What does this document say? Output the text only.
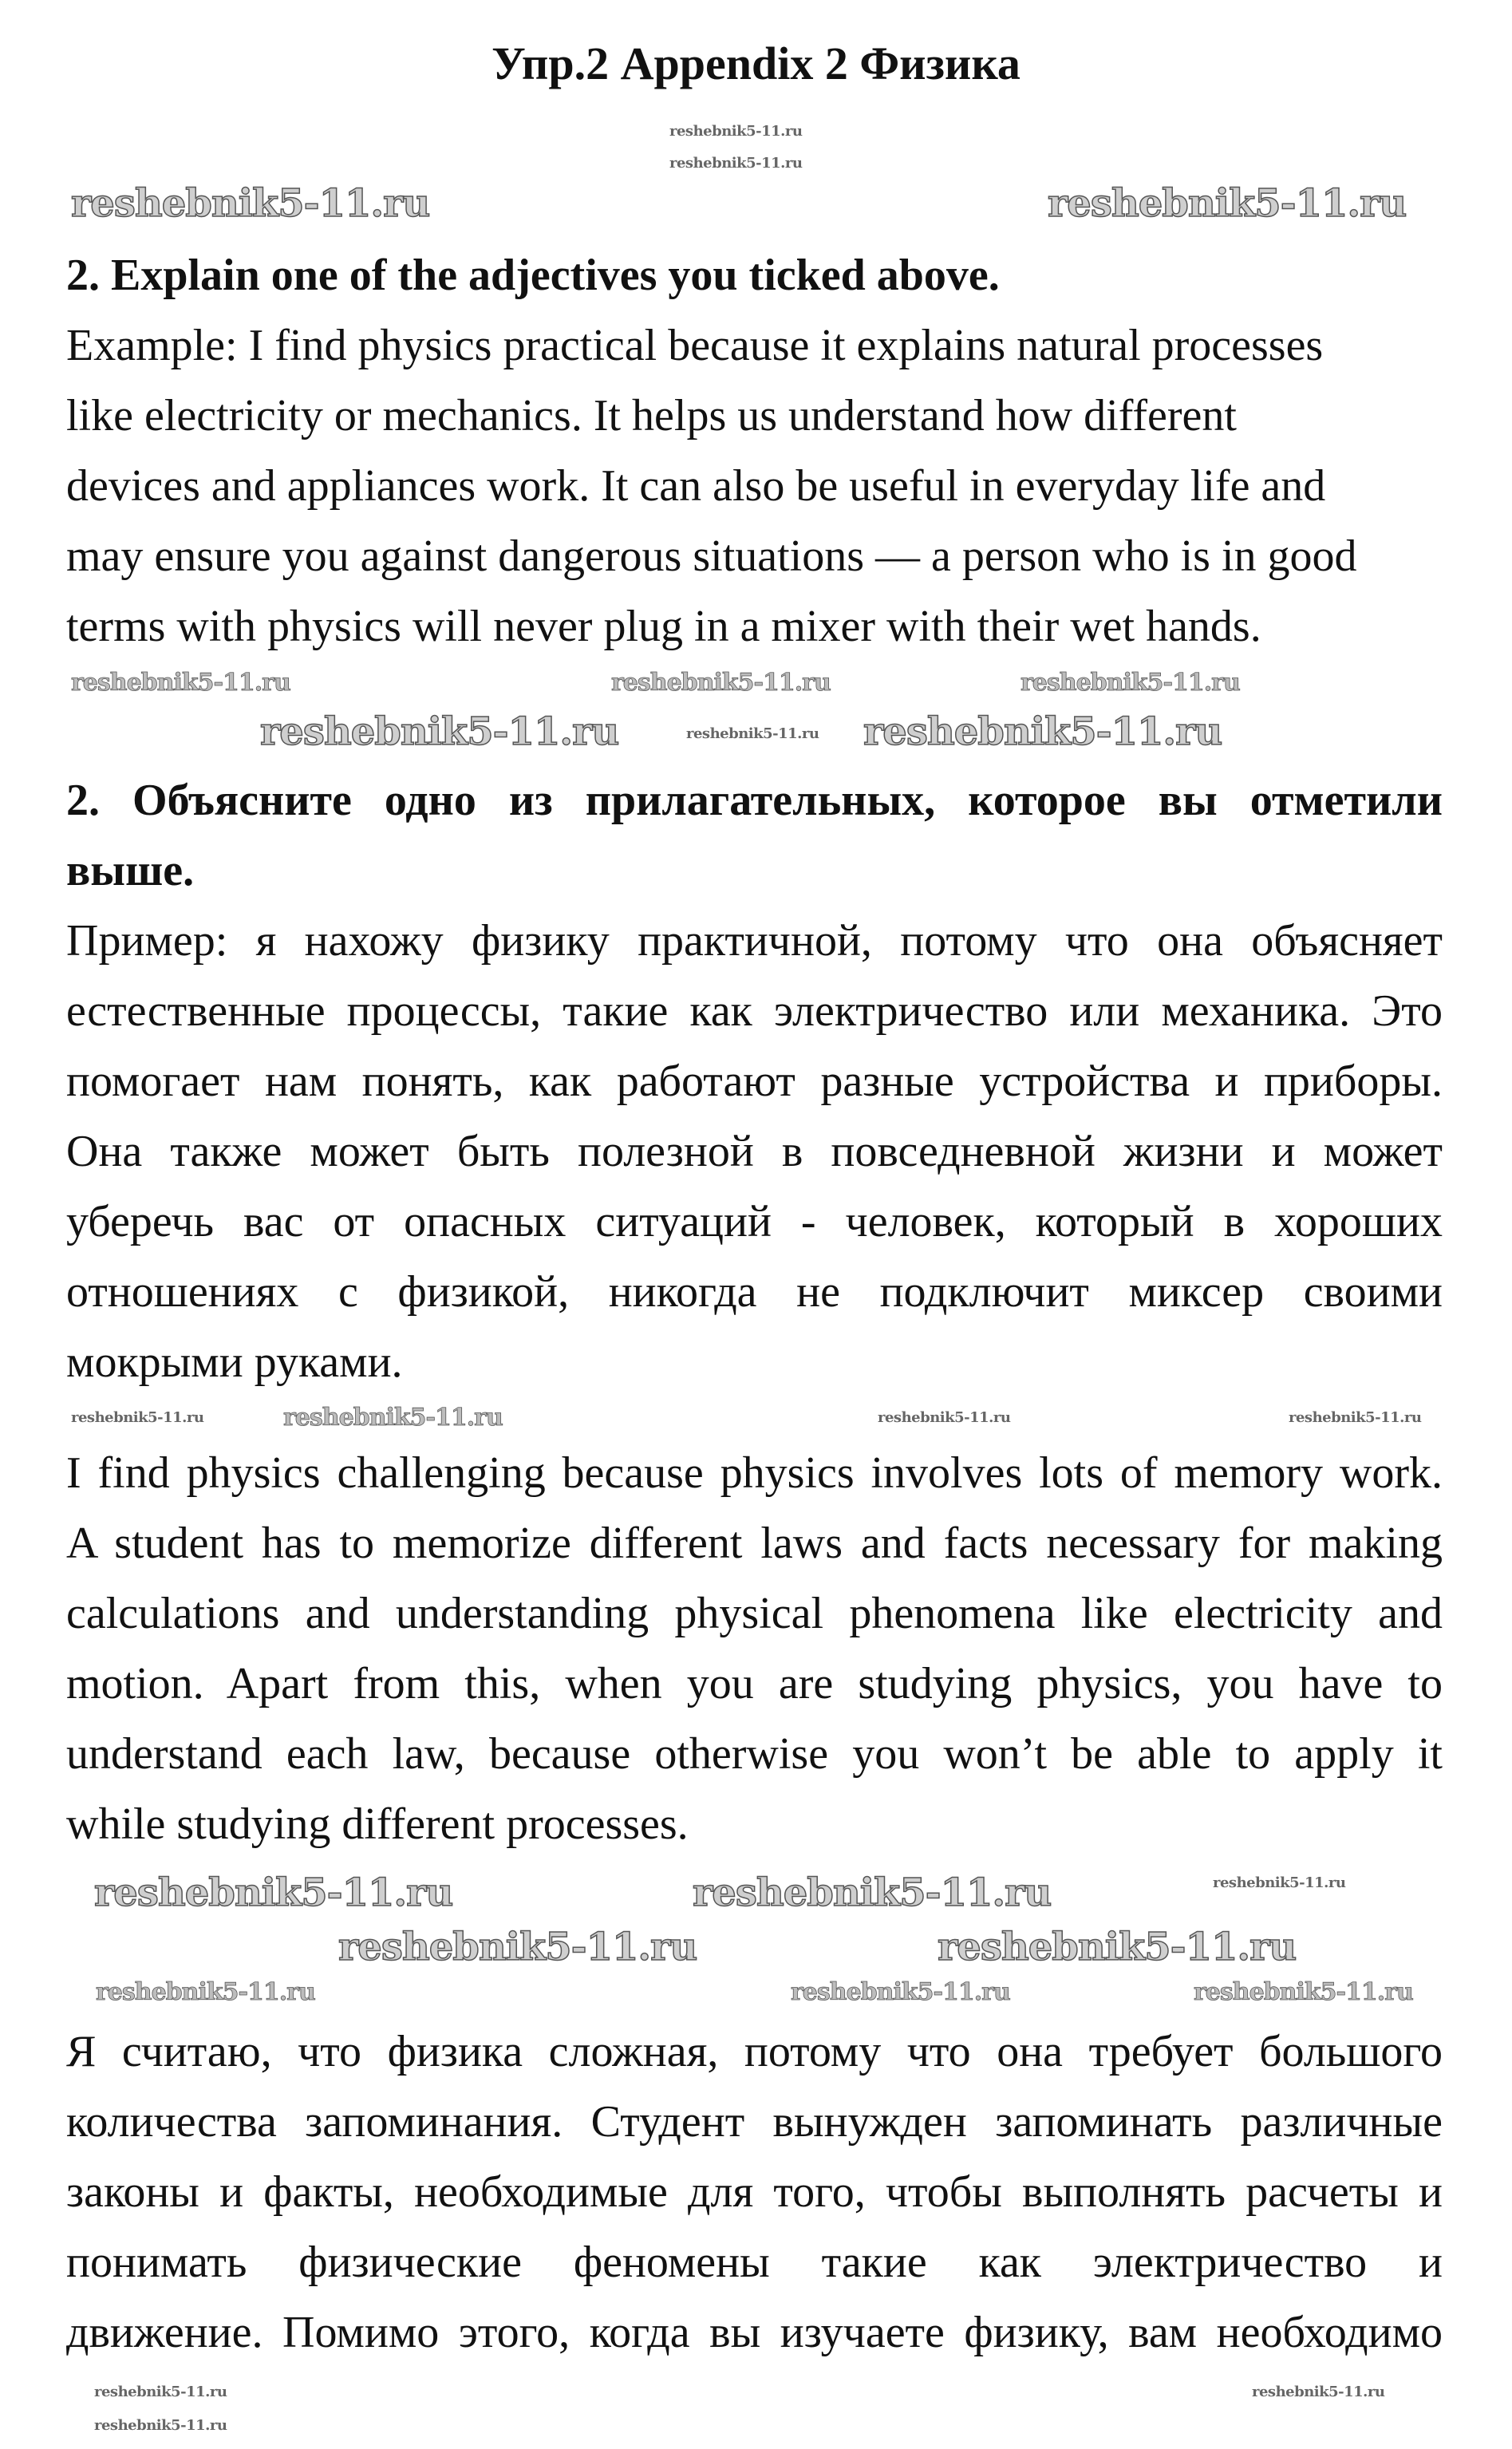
Упр.2 Appendix 2 Физика
2. Explain one of the adjectives you ticked above.
Example: I find physics practical because it explains natural processes
like electricity or mechanics. It helps us understand how different
devices and appliances work. It can also be useful in everyday life and
may ensure you against dangerous situations — a person who is in good
terms with physics will never plug in a mixer with their wet hands.
2. Объясните одно из прилагательных, которое вы отметили
выше.
Пример: я нахожу физику практичной, потому что она объясняет
естественные процессы, такие как электричество или механика. Это
помогает нам понять, как работают разные устройства и приборы.
Она также может быть полезной в повседневной жизни и может
уберечь вас от опасных ситуаций - человек, который в хороших
отношениях с физикой, никогда не подключит миксер своими
мокрыми руками.
I find physics challenging because physics involves lots of memory work.
A student has to memorize different laws and facts necessary for making
calculations and understanding physical phenomena like electricity and
motion. Apart from this, when you are studying physics, you have to
understand each law, because otherwise you won’t be able to apply it
while studying different processes.
Я считаю, что физика сложная, потому что она требует большого
количества запоминания. Студент вынужден запоминать различные
законы и факты, необходимые для того, чтобы выполнять расчеты и
понимать физические феномены такие как электричество и
движение. Помимо этого, когда вы изучаете физику, вам необходимо
reshebnik5-11.ru
reshebnik5-11.ru
reshebnik5-11.ru	reshebnik5-11.ru
reshebnik5-11.ru	reshebnik5-11.ru	reshebnik5-11.ru
reshebnik5-11.ru	reshebnik5-11.ru reshebnik5-11.ru
reshebnik5-11.ru	reshebnik5-11.ru	reshebnik5-11.ru	reshebnik5-11.ru
reshebnik5-11.ru	reshebnik5-11.ru	reshebnik5-11.ru
reshebnik5-11.ru	reshebnik5-11.ru
reshebnik5-11.ru	reshebnik5-11.ru	reshebnik5-11.ru
reshebnik5-11.ru	reshebnik5-11.ru
reshebnik5-11.ru
